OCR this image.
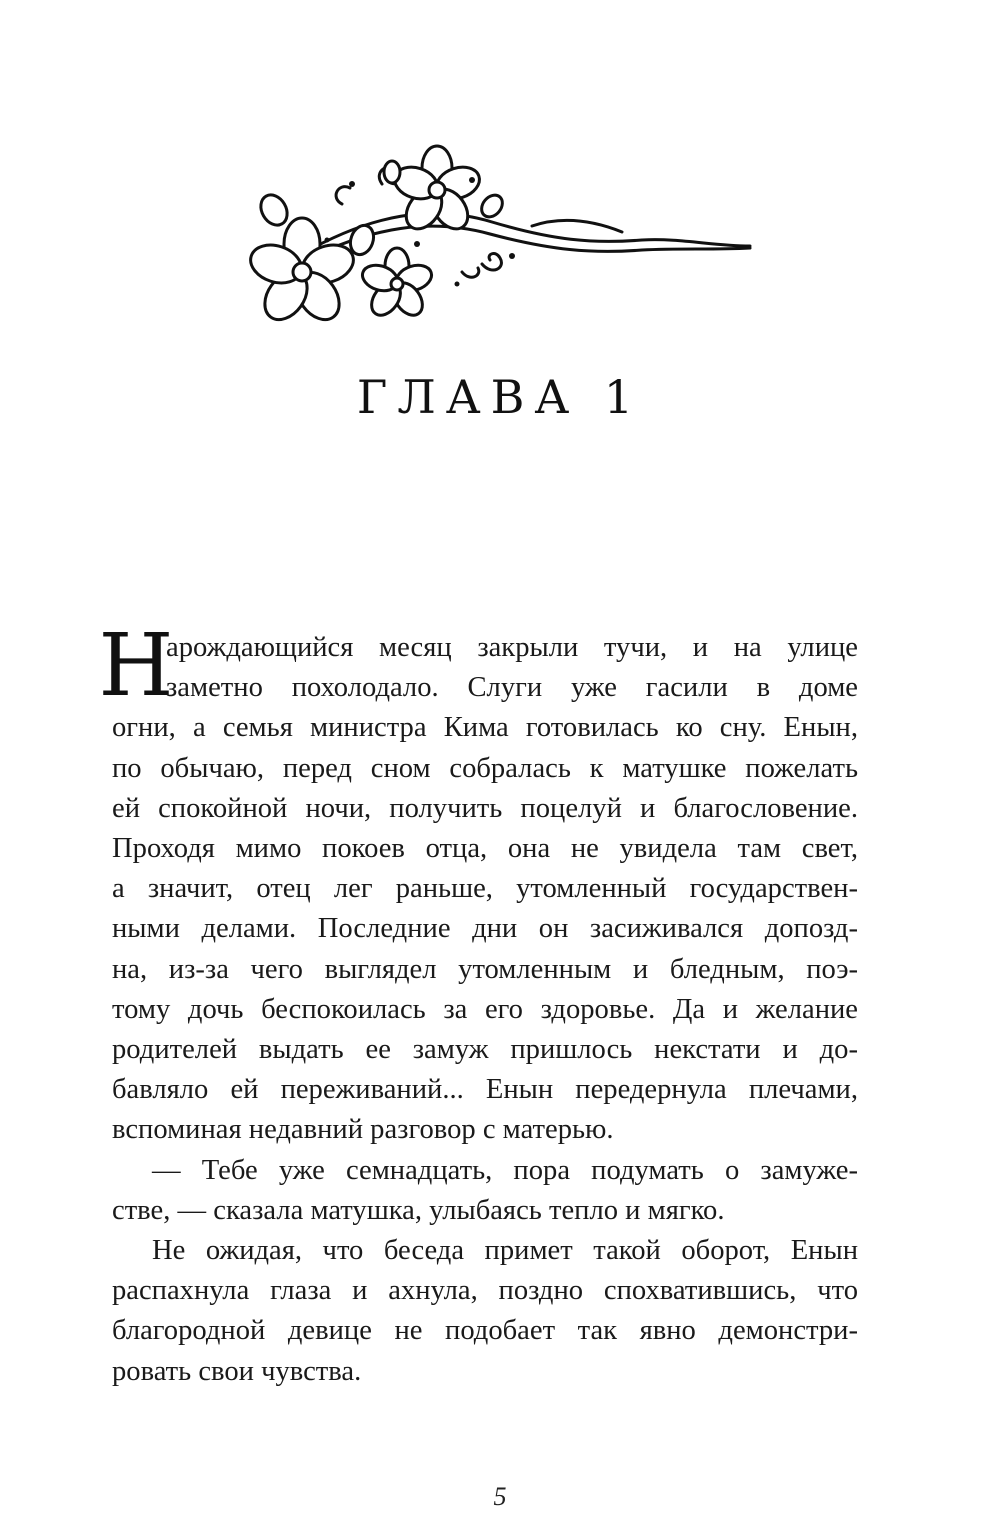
ГЛАВА 1
Н
арождающийся месяц закрыли тучи, и на улице
заметно похолодало. Слуги уже гасили в доме
огни, а семья министра Кима готовилась ко сну. Енын,
по обычаю, перед сном собралась к матушке пожелать
ей спокойной ночи, получить поцелуй и благословение.
Проходя мимо покоев отца, она не увидела там свет,
а значит, отец лег раньше, утомленный государствен-
ными делами. Последние дни он засиживался допозд-
на, из-за чего выглядел утомленным и бледным, поэ-
тому дочь беспокоилась за его здоровье. Да и желание
родителей выдать ее замуж пришлось некстати и до-
бавляло ей переживаний... Енын передернула плечами,
вспоминая недавний разговор с матерью.
— Тебе уже семнадцать, пора подумать о замуже-
стве, — сказала матушка, улыбаясь тепло и мягко.
Не ожидая, что беседа примет такой оборот, Енын
распахнула глаза и ахнула, поздно спохватившись, что
благородной девице не подобает так явно демонстри-
ровать свои чувства.
5
